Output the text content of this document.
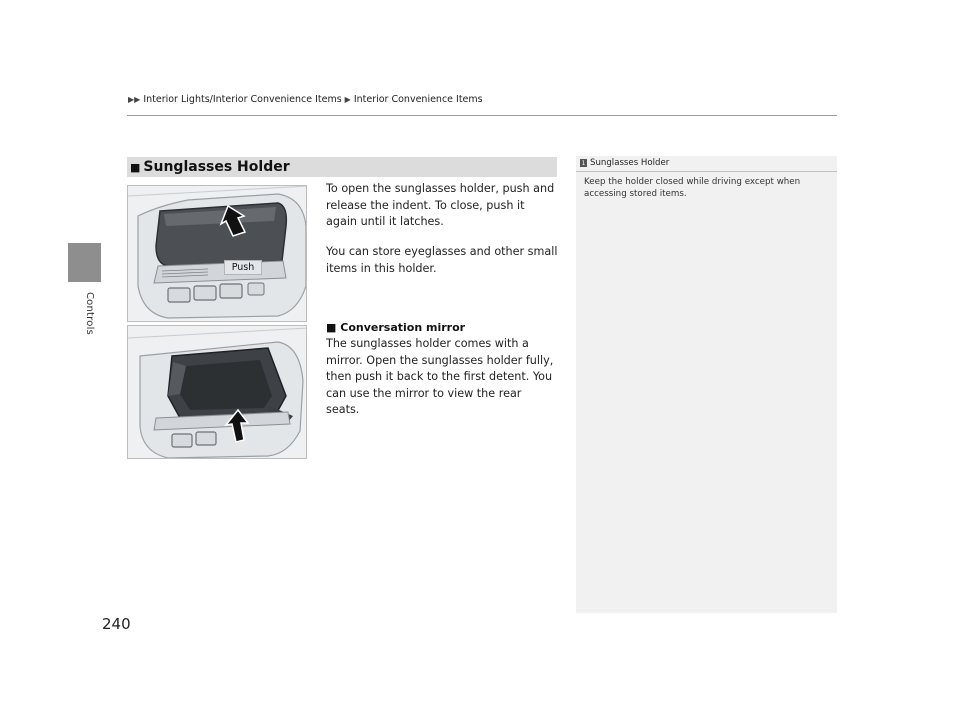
▶▶ Interior Lights/Interior Convenience Items ▶ Interior Convenience Items
Controls
■ Sunglasses Holder
Push
To open the sunglasses holder, push and release the indent. To close, push it again until it latches.
You can store eyeglasses and other small items in this holder.
■ Conversation mirror
The sunglasses holder comes with a mirror. Open the sunglasses holder fully, then push it back to the first detent. You can use the mirror to view the rear seats.
1 Sunglasses Holder
Keep the holder closed while driving except when accessing stored items.
240
